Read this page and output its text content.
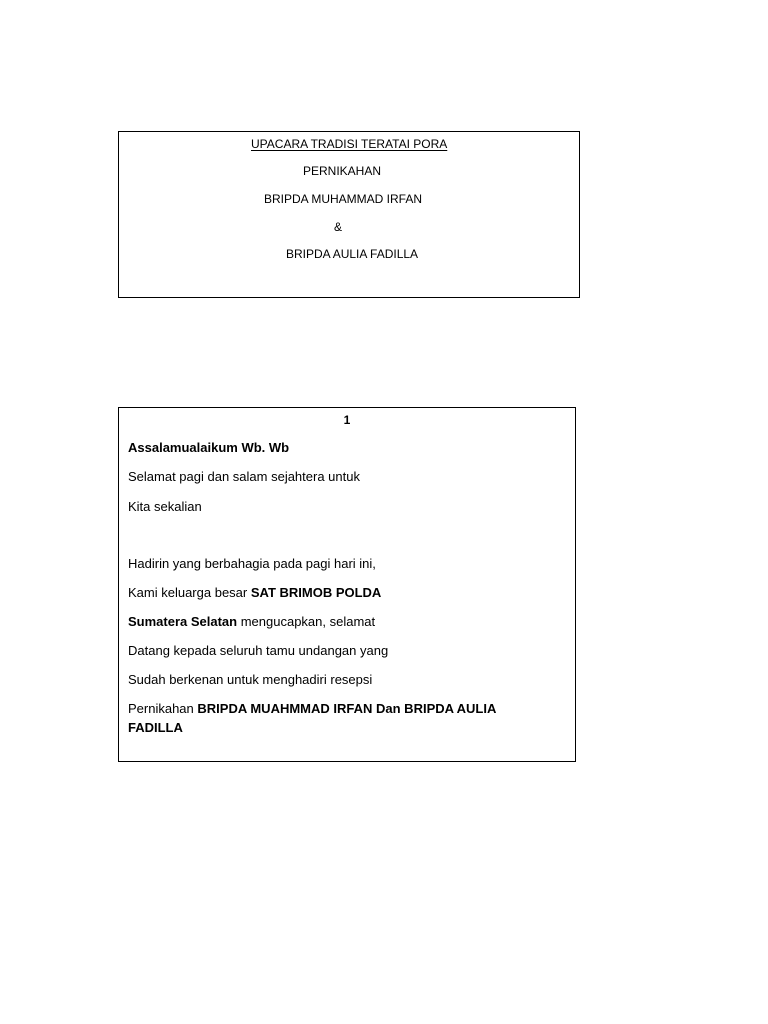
UPACARA TRADISI TERATAI PORA
PERNIKAHAN
BRIPDA MUHAMMAD IRFAN
&
BRIPDA AULIA FADILLA
1
Assalamualaikum Wb. Wb
Selamat pagi dan salam sejahtera untuk
Kita sekalian
Hadirin yang berbahagia pada pagi hari ini,
Kami keluarga besar SAT BRIMOB POLDA
Sumatera Selatan mengucapkan, selamat
Datang kepada seluruh tamu undangan yang
Sudah berkenan untuk menghadiri resepsi
Pernikahan BRIPDA MUAHMMAD IRFAN Dan BRIPDA AULIA
FADILLA
